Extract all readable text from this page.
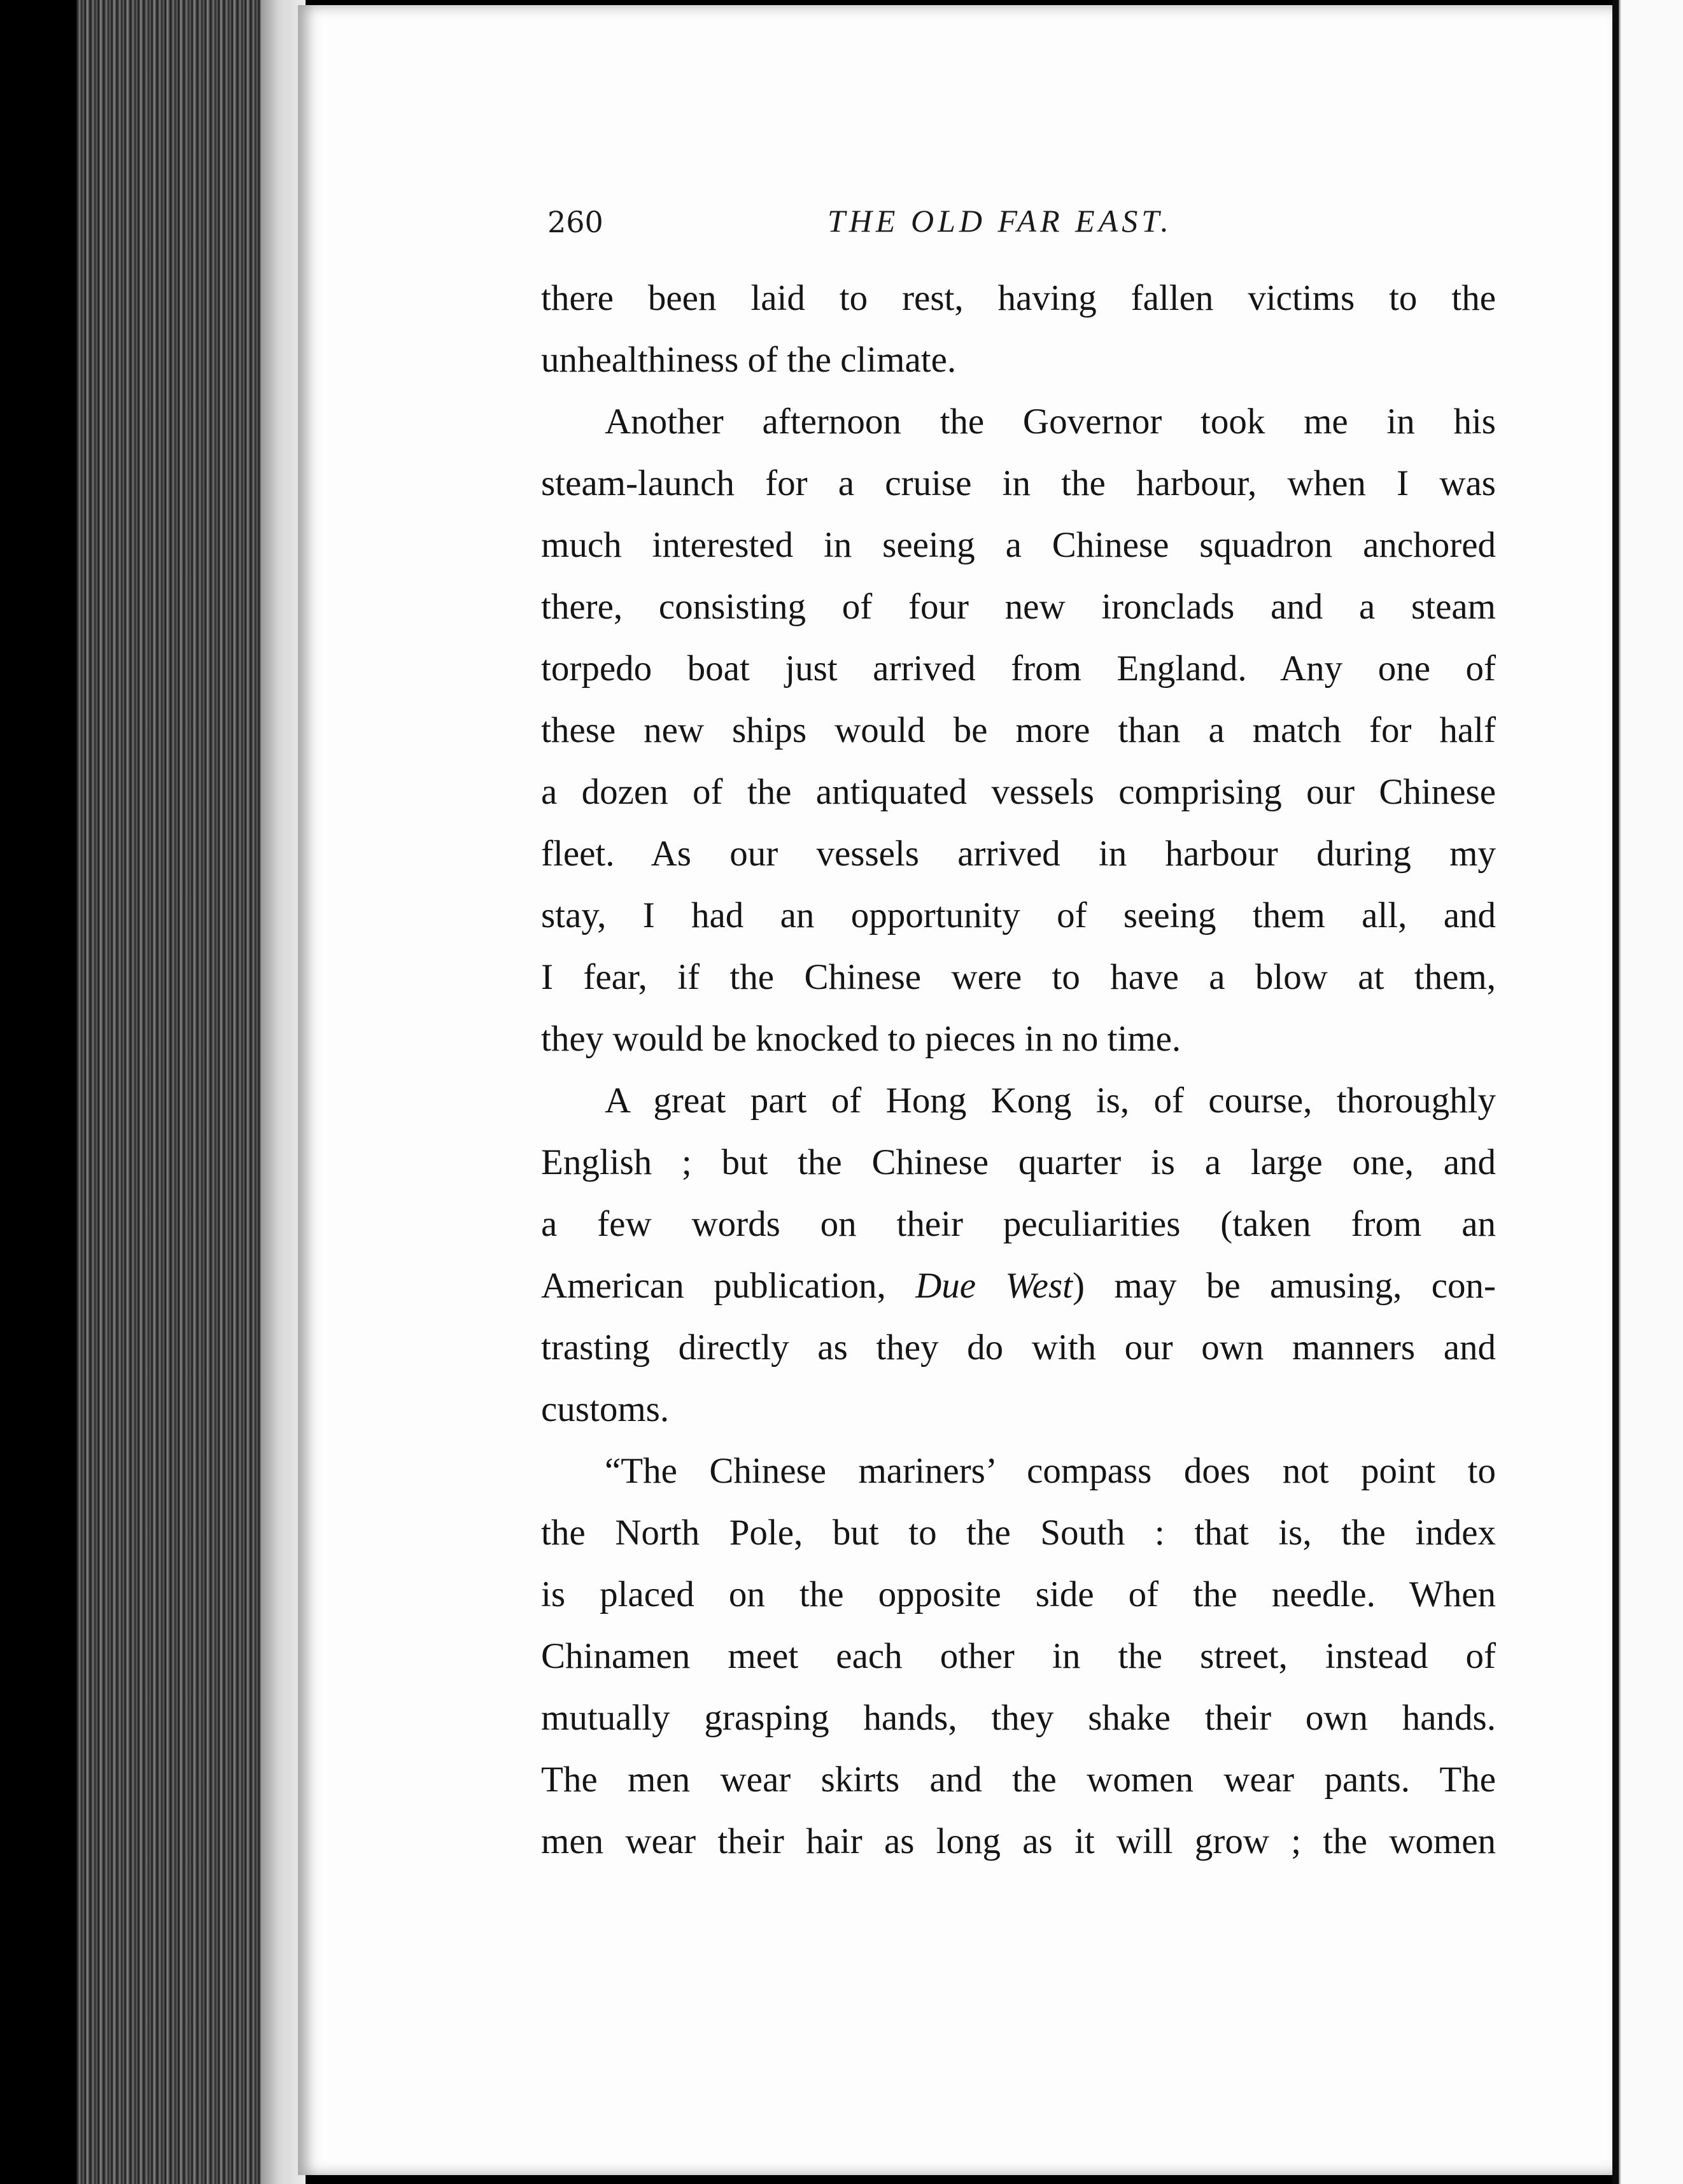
260	THE OLD FAR EAST.
there been laid to rest, having fallen victims to the
unhealthiness of the climate.
Another afternoon the Governor took me in his
steam-launch for a cruise in the harbour, when I was
much interested in seeing a Chinese squadron anchored
there, consisting of four new ironclads and a steam
torpedo boat just arrived from England. Any one of
these new ships would be more than a match for half
a dozen of the antiquated vessels comprising our Chinese
fleet. As our vessels arrived in harbour during my
stay, I had an opportunity of seeing them all, and
I fear, if the Chinese were to have a blow at them,
they would be knocked to pieces in no time.
A great part of Hong Kong is, of course, thoroughly
English ; but the Chinese quarter is a large one, and
a few words on their peculiarities (taken from an
American publication, Due West) may be amusing, con-
trasting directly as they do with our own manners and
customs.
“The Chinese mariners’ compass does not point to
the North Pole, but to the South : that is, the index
is placed on the opposite side of the needle. When
Chinamen meet each other in the street, instead of
mutually grasping hands, they shake their own hands.
The men wear skirts and the women wear pants. The
men wear their hair as long as it will grow ; the women
